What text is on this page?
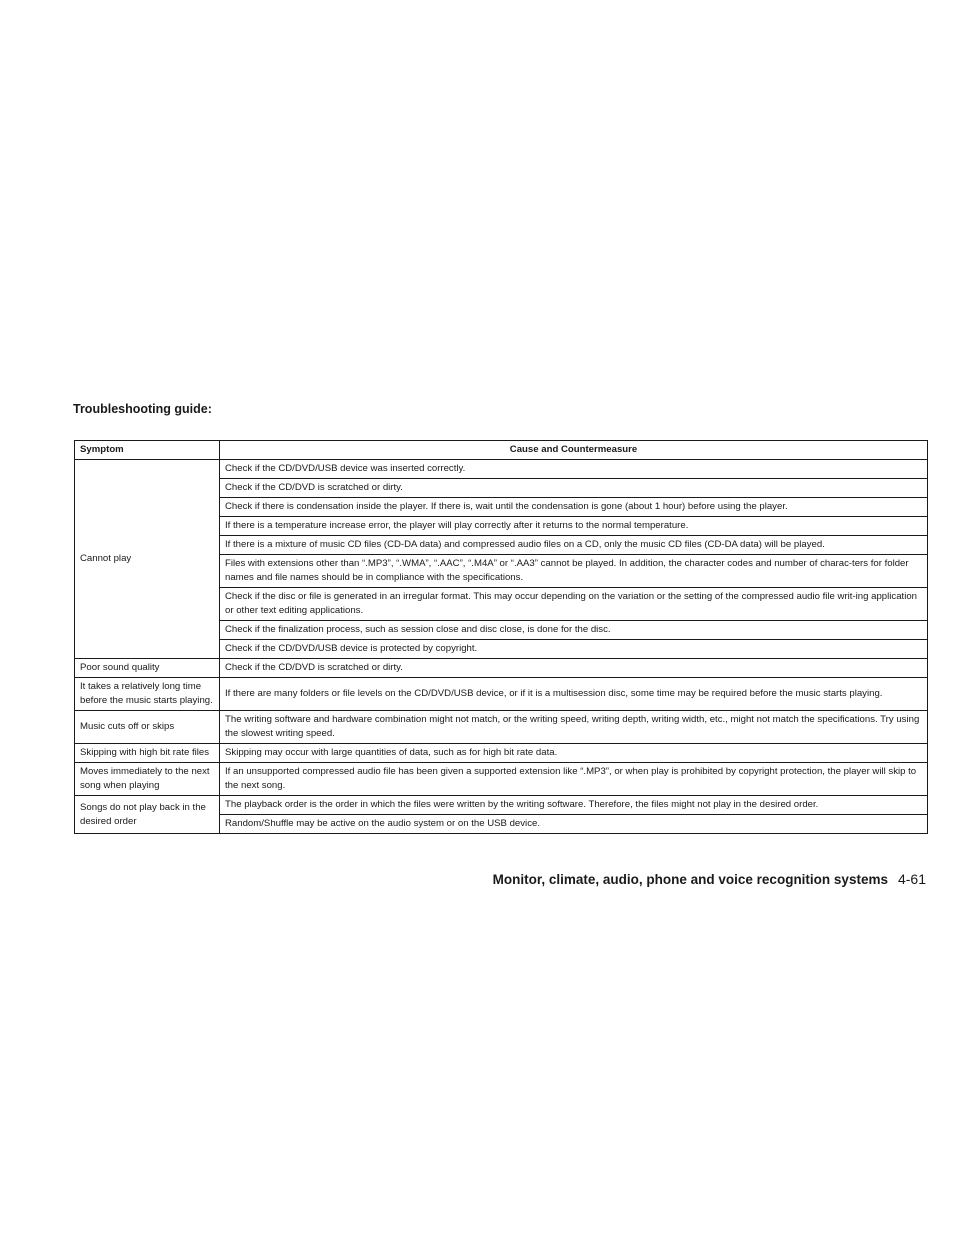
Troubleshooting guide:
Symptom	Cause and Countermeasure
Cannot play	Check if the CD/DVD/USB device was inserted correctly.
	Check if the CD/DVD is scratched or dirty.
	Check if there is condensation inside the player. If there is, wait until the condensation is gone (about 1 hour) before using the player.
	If there is a temperature increase error, the player will play correctly after it returns to the normal temperature.
	If there is a mixture of music CD files (CD-DA data) and compressed audio files on a CD, only the music CD files (CD-DA data) will be played.
	Files with extensions other than “.MP3”, “.WMA”, “.AAC”, “.M4A” or “.AA3” cannot be played. In addition, the character codes and number of charac-ters for folder names and file names should be in compliance with the specifications.
	Check if the disc or file is generated in an irregular format. This may occur depending on the variation or the setting of the compressed audio file writ-ing application or other text editing applications.
	Check if the finalization process, such as session close and disc close, is done for the disc.
	Check if the CD/DVD/USB device is protected by copyright.
Poor sound quality	Check if the CD/DVD is scratched or dirty.
It takes a relatively long time before the music starts playing.	If there are many folders or file levels on the CD/DVD/USB device, or if it is a multisession disc, some time may be required before the music starts playing.
Music cuts off or skips	The writing software and hardware combination might not match, or the writing speed, writing depth, writing width, etc., might not match the specifications. Try using the slowest writing speed.
Skipping with high bit rate files	Skipping may occur with large quantities of data, such as for high bit rate data.
Moves immediately to the next song when playing	If an unsupported compressed audio file has been given a supported extension like “.MP3”, or when play is prohibited by copyright protection, the player will skip to the next song.
Songs do not play back in the desired order	The playback order is the order in which the files were written by the writing software. Therefore, the files might not play in the desired order.
	Random/Shuffle may be active on the audio system or on the USB device.
Monitor, climate, audio, phone and voice recognition systems 4-61
